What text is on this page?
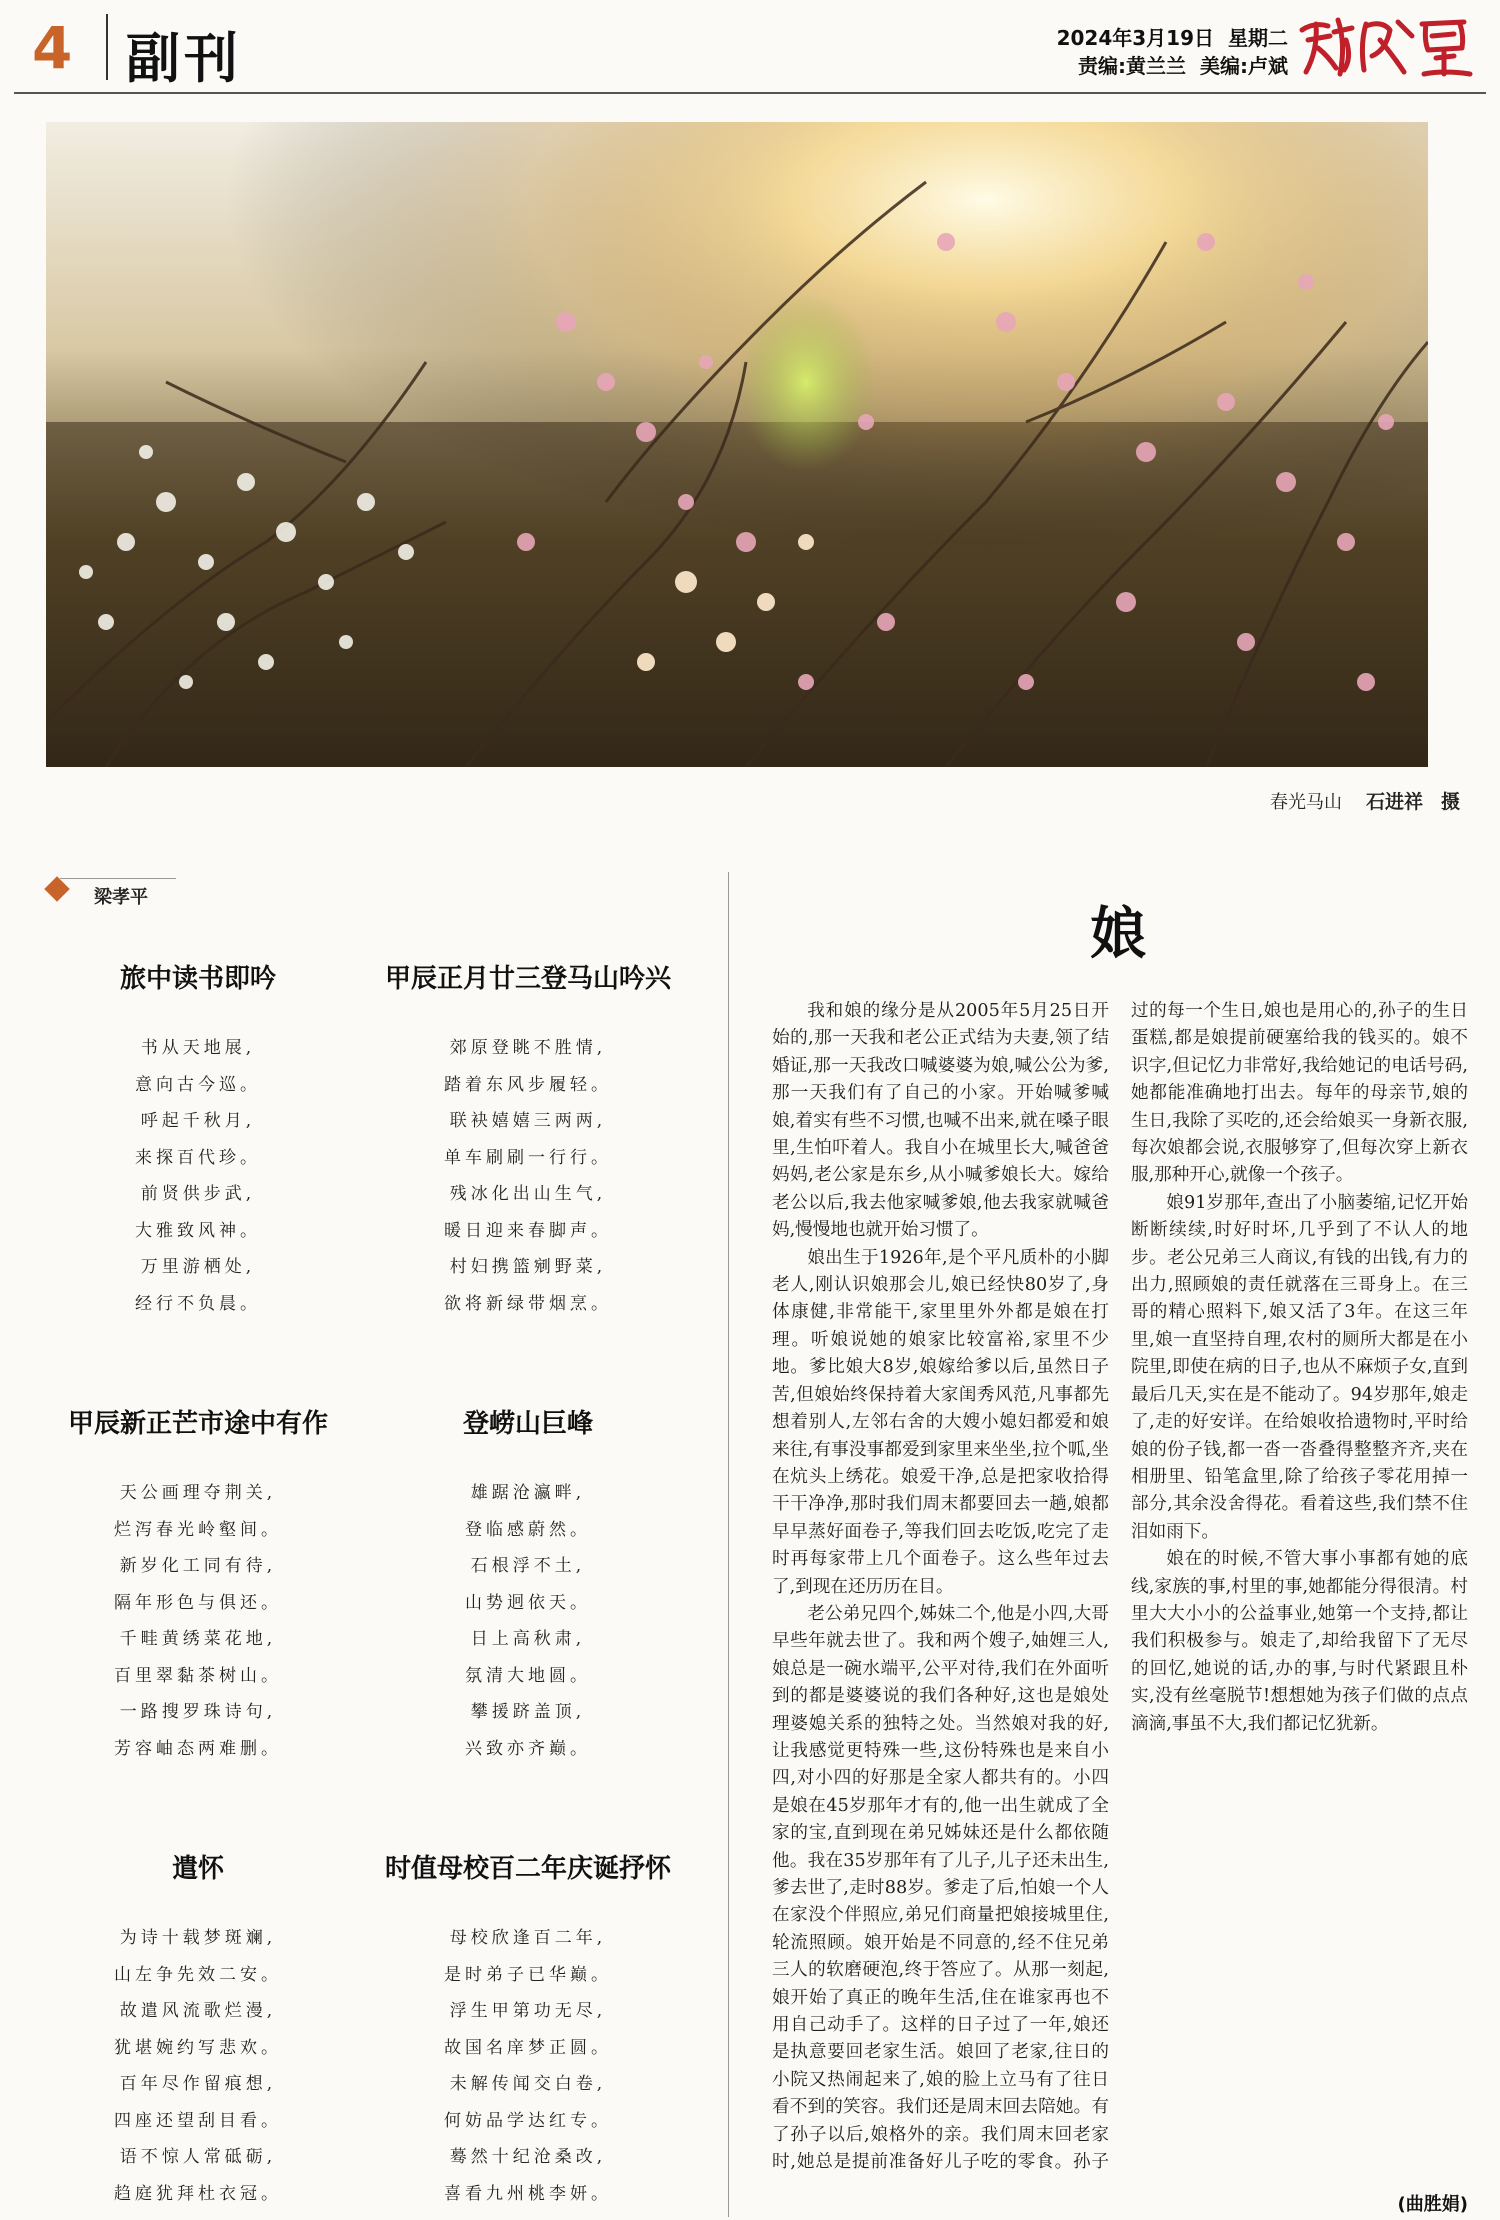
4 副刊	2024年3月19日 星期二
责编:黄兰兰 美编:卢斌
春光马山 石进祥 摄
梁孝平
旅中读书即吟
书从天地展,
意向古今巡。
呼起千秋月,
来探百代珍。
前贤供步武,
大雅致风神。
万里游栖处,
经行不负晨。
甲辰正月廿三登马山吟兴
郊原登眺不胜情,
踏着东风步履轻。
联袂嬉嬉三两两,
单车刷刷一行行。
残冰化出山生气,
暖日迎来春脚声。
村妇携篮剜野菜,
欲将新绿带烟烹。
甲辰新正芒市途中有作
天公画理夺荆关,
烂泻春光岭壑间。
新岁化工同有待,
隔年形色与俱还。
千畦黄绣菜花地,
百里翠黏茶树山。
一路搜罗珠诗句,
芳容岫态两难删。
登崂山巨峰
雄踞沧瀛畔,
登临感蔚然。
石根浮不土,
山势迥依天。
日上高秋肃,
氛清大地圆。
攀援跻盖顶,
兴致亦齐巅。
遣怀
为诗十载梦斑斓,
山左争先效二安。
故遣风流歌烂漫,
犹堪婉约写悲欢。
百年尽作留痕想,
四座还望刮目看。
语不惊人常砥砺,
趋庭犹拜杜衣冠。
时值母校百二年庆诞抒怀
母校欣逢百二年,
是时弟子已华巅。
浮生甲第功无尽,
故国名庠梦正圆。
未解传闻交白卷,
何妨品学达红专。
蓦然十纪沧桑改,
喜看九州桃李妍。
娘

我和娘的缘分是从2005年5月25日开始的,那一天我和老公正式结为夫妻,领了结婚证,那一天我改口喊婆婆为娘,喊公公为爹,那一天我们有了自己的小家。开始喊爹喊娘,着实有些不习惯,也喊不出来,就在嗓子眼里,生怕吓着人。我自小在城里长大,喊爸爸妈妈,老公家是东乡,从小喊爹娘长大。嫁给老公以后,我去他家喊爹娘,他去我家就喊爸妈,慢慢地也就开始习惯了。

娘出生于1926年,是个平凡质朴的小脚老人,刚认识娘那会儿,娘已经快80岁了,身体康健,非常能干,家里里外外都是娘在打理。听娘说她的娘家比较富裕,家里不少地。爹比娘大8岁,娘嫁给爹以后,虽然日子苦,但娘始终保持着大家闺秀风范,凡事都先想着别人,左邻右舍的大嫂小媳妇都爱和娘来往,有事没事都爱到家里来坐坐,拉个呱,坐在炕头上绣花。娘爱干净,总是把家收拾得干干净净,那时我们周末都要回去一趟,娘都早早蒸好面卷子,等我们回去吃饭,吃完了走时再每家带上几个面卷子。这么些年过去了,到现在还历历在目。

老公弟兄四个,姊妹二个,他是小四,大哥早些年就去世了。我和两个嫂子,妯娌三人,娘总是一碗水端平,公平对待,我们在外面听到的都是婆婆说的我们各种好,这也是娘处理婆媳关系的独特之处。当然娘对我的好,让我感觉更特殊一些,这份特殊也是来自小四,对小四的好那是全家人都共有的。小四是娘在45岁那年才有的,他一出生就成了全家的宝,直到现在弟兄姊妹还是什么都依随他。我在35岁那年有了儿子,儿子还未出生,爹去世了,走时88岁。爹走了后,怕娘一个人在家没个伴照应,弟兄们商量把娘接城里住,轮流照顾。娘开始是不同意的,经不住兄弟三人的软磨硬泡,终于答应了。从那一刻起,娘开始了真正的晚年生活,住在谁家再也不用自己动手了。这样的日子过了一年,娘还是执意要回老家生活。娘回了老家,往日的小院又热闹起来了,娘的脸上立马有了往日看不到的笑容。我们还是周末回去陪她。有了孙子以后,娘格外的亲。我们周末回老家时,她总是提前准备好儿子吃的零食。孙子过的每一个生日,娘也是用心的,孙子的生日蛋糕,都是娘提前硬塞给我的钱买的。娘不识字,但记忆力非常好,我给她记的电话号码,她都能准确地打出去。每年的母亲节,娘的生日,我除了买吃的,还会给娘买一身新衣服,每次娘都会说,衣服够穿了,但每次穿上新衣服,那种开心,就像一个孩子。

娘91岁那年,查出了小脑萎缩,记忆开始断断续续,时好时坏,几乎到了不认人的地步。老公兄弟三人商议,有钱的出钱,有力的出力,照顾娘的责任就落在三哥身上。在三哥的精心照料下,娘又活了3年。在这三年里,娘一直坚持自理,农村的厕所大都是在小院里,即使在病的日子,也从不麻烦子女,直到最后几天,实在是不能动了。94岁那年,娘走了,走的好安详。在给娘收拾遗物时,平时给娘的份子钱,都一沓一沓叠得整整齐齐,夹在相册里、铅笔盒里,除了给孩子零花用掉一部分,其余没舍得花。看着这些,我们禁不住泪如雨下。

娘在的时候,不管大事小事都有她的底线,家族的事,村里的事,她都能分得很清。村里大大小小的公益事业,她第一个支持,都让我们积极参与。娘走了,却给我留下了无尽的回忆,她说的话,办的事,与时代紧跟且朴实,没有丝毫脱节!想想她为孩子们做的点点滴滴,事虽不大,我们都记忆犹新。

(曲胜娟)
